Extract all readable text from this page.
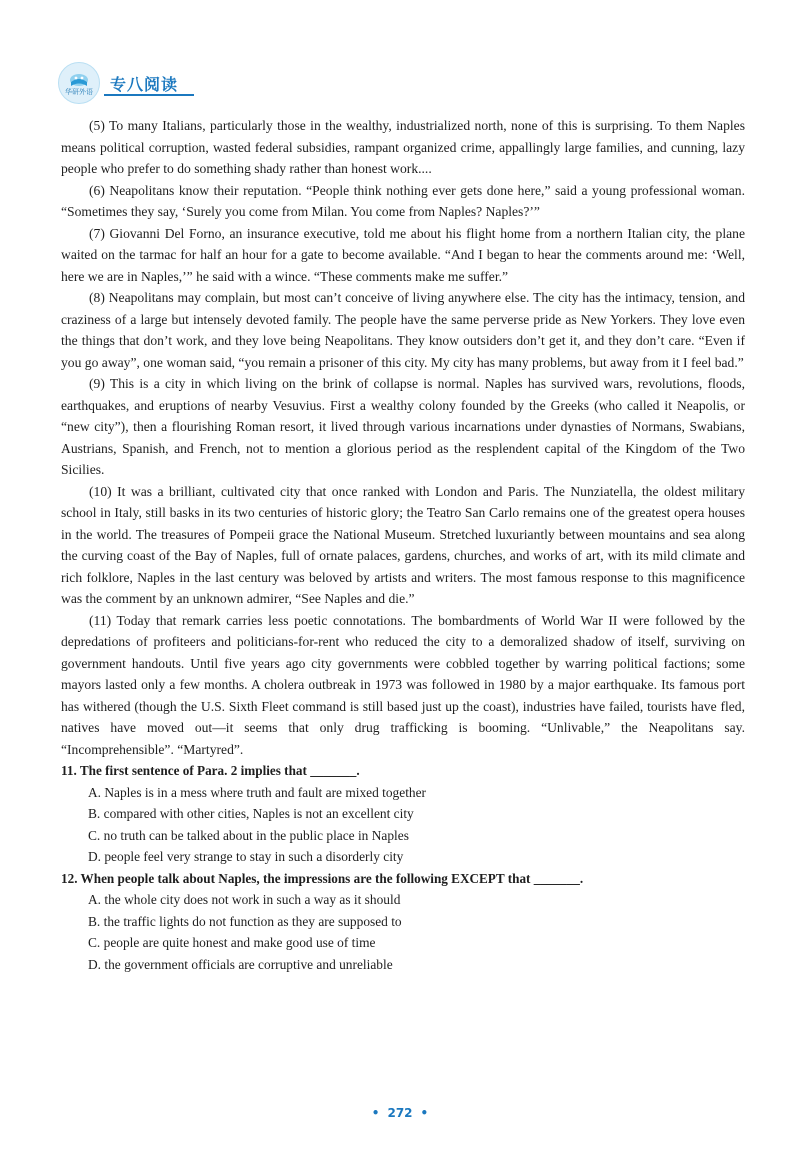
华研外语	专八阅读

(5) To many Italians, particularly those in the wealthy, industrialized north, none of this is surprising. To them Naples means political corruption, wasted federal subsidies, rampant organized crime, appallingly large families, and cunning, lazy people who prefer to do something shady rather than honest work....

(6) Neapolitans know their reputation. “People think nothing ever gets done here,” said a young professional woman. “Sometimes they say, ‘Surely you come from Milan. You come from Naples? Naples?’”

(7) Giovanni Del Forno, an insurance executive, told me about his flight home from a northern Italian city, the plane waited on the tarmac for half an hour for a gate to become available. “And I began to hear the comments around me: ‘Well, here we are in Naples,’” he said with a wince. “These comments make me suffer.”

(8) Neapolitans may complain, but most can’t conceive of living anywhere else. The city has the intimacy, tension, and craziness of a large but intensely devoted family. The people have the same perverse pride as New Yorkers. They love even the things that don’t work, and they love being Neapolitans. They know outsiders don’t get it, and they don’t care. “Even if you go away”, one woman said, “you remain a prisoner of this city. My city has many problems, but away from it I feel bad.”

(9) This is a city in which living on the brink of collapse is normal. Naples has survived wars, revolutions, floods, earthquakes, and eruptions of nearby Vesuvius. First a wealthy colony founded by the Greeks (who called it Neapolis, or “new city”), then a flourishing Roman resort, it lived through various incarnations under dynasties of Normans, Swabians, Austrians, Spanish, and French, not to mention a glorious period as the resplendent capital of the Kingdom of the Two Sicilies.

(10) It was a brilliant, cultivated city that once ranked with London and Paris. The Nunziatella, the oldest military school in Italy, still basks in its two centuries of historic glory; the Teatro San Carlo remains one of the greatest opera houses in the world. The treasures of Pompeii grace the National Museum. Stretched luxuriantly between mountains and sea along the curving coast of the Bay of Naples, full of ornate palaces, gardens, churches, and works of art, with its mild climate and rich folklore, Naples in the last century was beloved by artists and writers. The most famous response to this magnificence was the comment by an unknown admirer, “See Naples and die.”

(11) Today that remark carries less poetic connotations. The bombardments of World War II were followed by the depredations of profiteers and politicians-for-rent who reduced the city to a demoralized shadow of itself, surviving on government handouts. Until five years ago city governments were cobbled together by warring political factions; some mayors lasted only a few months. A cholera outbreak in 1973 was followed in 1980 by a major earthquake. Its famous port has withered (though the U.S. Sixth Fleet command is still based just up the coast), industries have failed, tourists have fled, natives have moved out—it seems that only drug trafficking is booming. “Unlivable,” the Neapolitans say. “Incomprehensible”. “Martyred”.

11. The first sentence of Para. 2 implies that _______.

A. Naples is in a mess where truth and fault are mixed together

B. compared with other cities, Naples is not an excellent city

C. no truth can be talked about in the public place in Naples

D. people feel very strange to stay in such a disorderly city

12. When people talk about Naples, the impressions are the following EXCEPT that _______.

A. the whole city does not work in such a way as it should

B. the traffic lights do not function as they are supposed to

C. people are quite honest and make good use of time

D. the government officials are corruptive and unreliable

• 272 •
